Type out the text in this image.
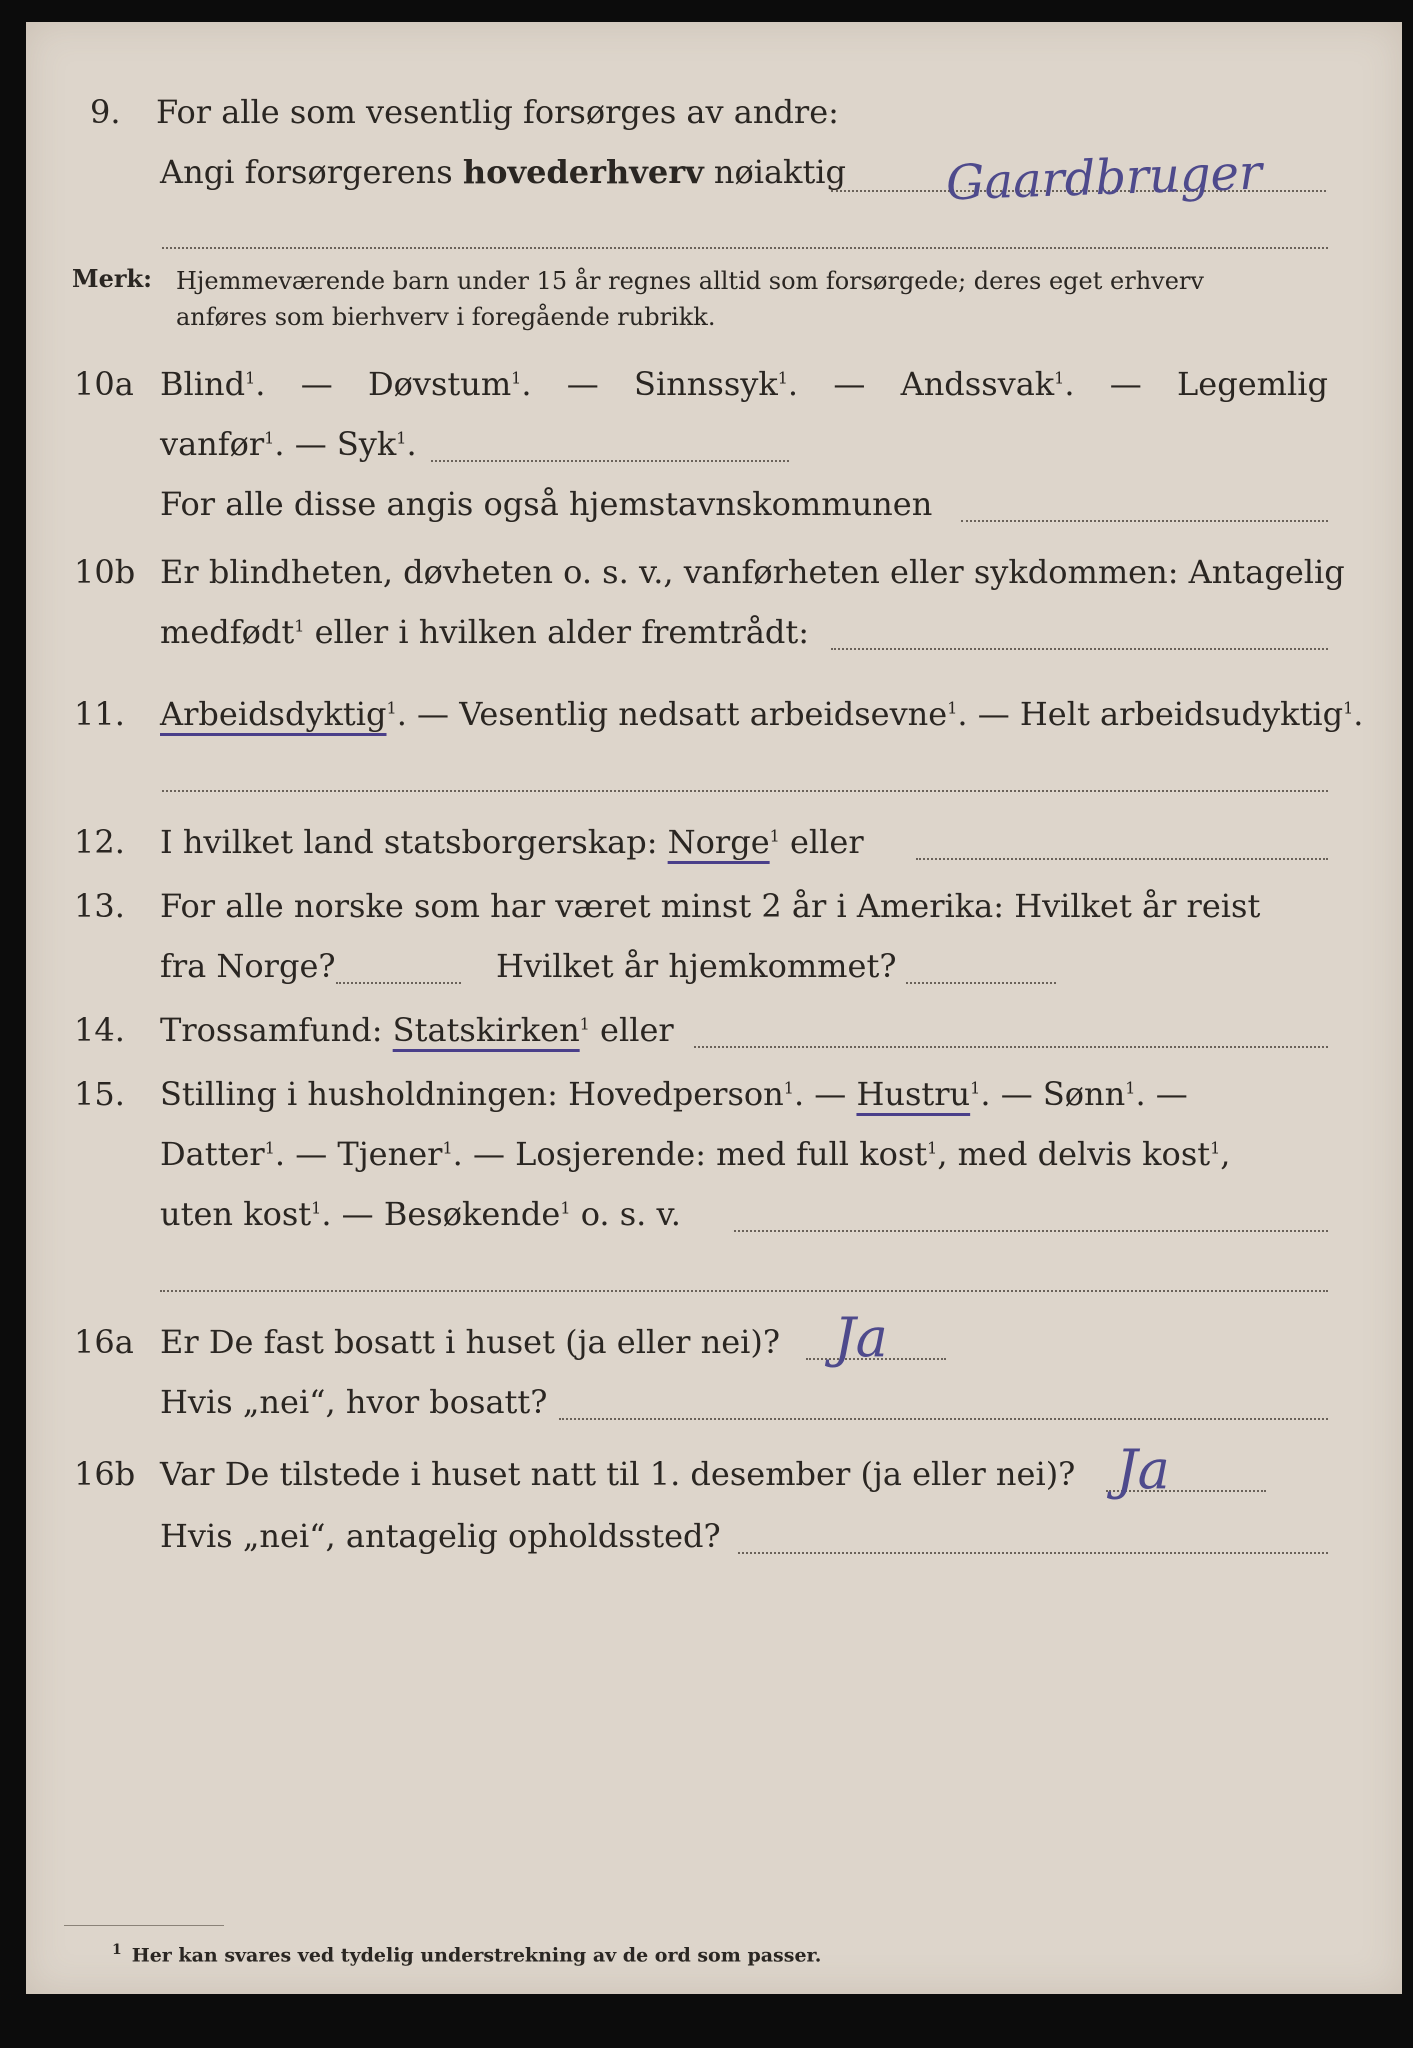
9. For alle som vesentlig forsørges av andre:
Angi forsørgerens hovederhverv nøiaktig Gaardbruger
Merk: Hjemmeværende barn under 15 år regnes alltid som forsørgede; deres eget erhverv
anføres som bierhverv i foregående rubrikk.
10a Blind$^1$. — Døvstum$^1$. — Sinnssyk$^1$. — Andssvak$^1$. — Legemlig
vanfør$^1$. — Syk$^1$.
For alle disse angis også hjemstavnskommunen
10b Er blindheten, døvheten o. s. v., vanførheten eller sykdommen: Antagelig
medfødt$^1$ eller i hvilken alder fremtrådt:
11. Arbeidsdyktig$^1$. — Vesentlig nedsatt arbeidsevne$^1$. — Helt arbeidsudyktig$^1$.
12. I hvilket land statsborgerskap: Norge$^1$ eller
13. For alle norske som har været minst 2 år i Amerika: Hvilket år reist
fra Norge?	Hvilket år hjemkommet?
14. Trossamfund: Statskirken$^1$ eller
15. Stilling i husholdningen: Hovedperson$^1$. — Hustru$^1$. — Sønn$^1$. —
Datter$^1$. — Tjener$^1$. — Losjerende: med full kost$^1$, med delvis kost$^1$,
uten kost$^1$. — Besøkende$^1$ o. s. v.
16a Er De fast bosatt i huset (ja eller nei)? Ja
Hvis „nei“, hvor bosatt?
16b Var De tilstede i huset natt til 1. desember (ja eller nei)? Ja
Hvis „nei“, antagelig opholdssted?
$^1$ Her kan svares ved tydelig understrekning av de ord som passer.
